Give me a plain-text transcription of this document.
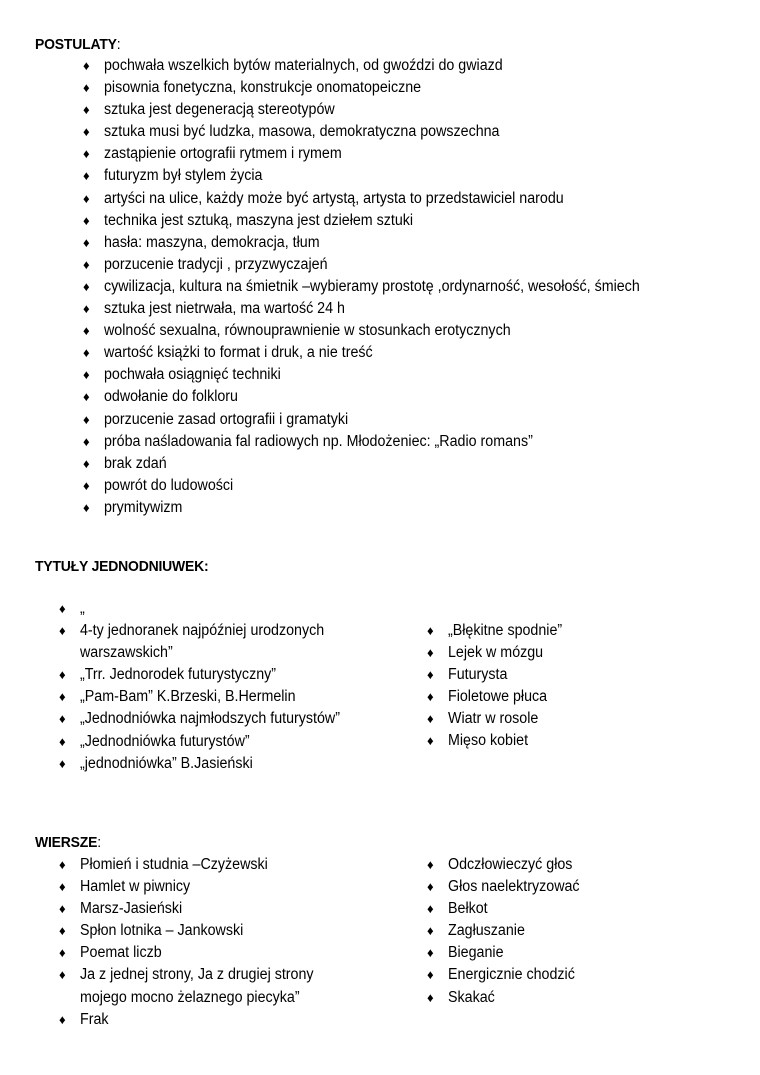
POSTULATY:
♦ pochwała wszelkich bytów materialnych, od gwoździ do gwiazd
♦ pisownia fonetyczna, konstrukcje onomatopeiczne
♦ sztuka jest degeneracją stereotypów
♦ sztuka musi być ludzka, masowa, demokratyczna powszechna
♦ zastąpienie ortografii rytmem i rymem
♦ futuryzm był stylem życia
♦ artyści na ulice, każdy może być artystą, artysta to przedstawiciel narodu
♦ technika jest sztuką, maszyna jest dziełem sztuki
♦ hasła: maszyna, demokracja, tłum
♦ porzucenie tradycji , przyzwyczajeń
♦ cywilizacja, kultura na śmietnik –wybieramy prostotę ,ordynarność, wesołość, śmiech
♦ sztuka jest nietrwała, ma wartość 24 h
♦ wolność sexualna, równouprawnienie w stosunkach erotycznych
♦ wartość książki to format i druk, a nie treść
♦ pochwała osiągnięć techniki
♦ odwołanie do folkloru
♦ porzucenie zasad ortografii i gramatyki
♦ próba naśladowania fal radiowych np. Młodożeniec: „Radio romans”
♦ brak zdań
♦ powrót do ludowości
♦ prymitywizm
TYTUŁY JEDNODNIUWEK:
♦ „
♦ 4-ty jednoranek najpóźniej urodzonych
warszawskich”
♦ „Trr. Jednorodek futurystyczny”
♦ „Pam-Bam” K.Brzeski, B.Hermelin
♦ „Jednodniówka najmłodszych futurystów”
♦ „Jednodniówka futurystów”
♦ „jednodniówka” B.Jasieński
♦ „Błękitne spodnie”
♦ Lejek w mózgu
♦ Futurysta
♦ Fioletowe płuca
♦ Wiatr w rosole
♦ Mięso kobiet
WIERSZE:
♦ Płomień i studnia –Czyżewski
♦ Hamlet w piwnicy
♦ Marsz-Jasieński
♦ Spłon lotnika – Jankowski
♦ Poemat liczb
♦ Ja z jednej strony, Ja z drugiej strony
mojego mocno żelaznego piecyka”
♦ Frak
♦ Odczłowieczyć głos
♦ Głos naelektryzować
♦ Bełkot
♦ Zagłuszanie
♦ Bieganie
♦ Energicznie chodzić
♦ Skakać
